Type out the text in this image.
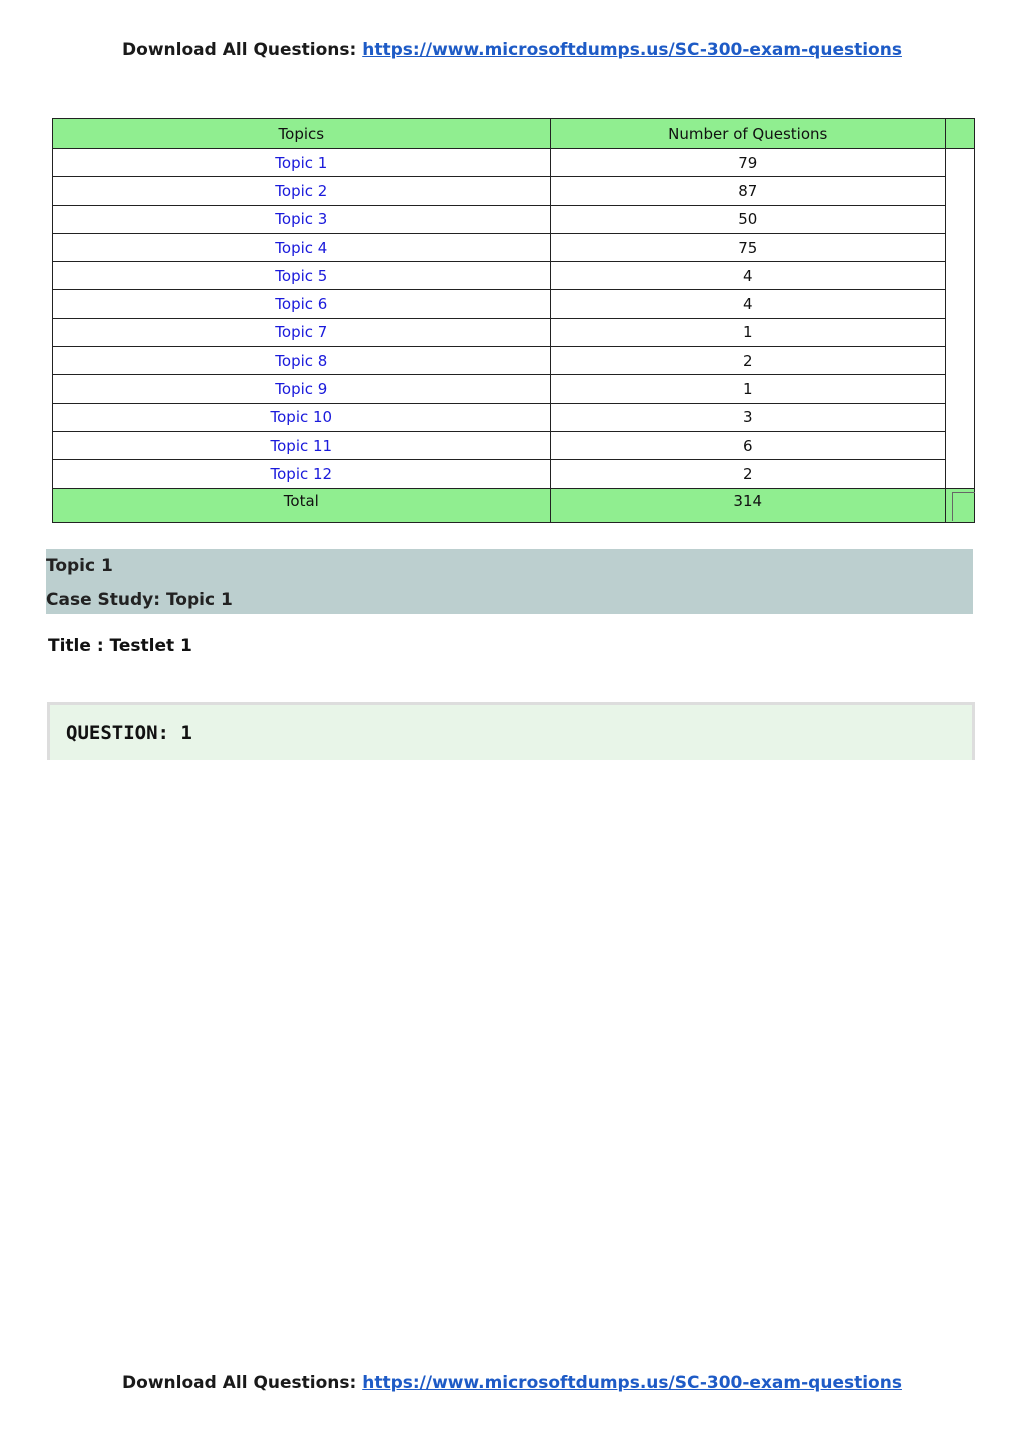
Download All Questions: https://www.microsoftdumps.us/SC-300-exam-questions
Topics	Number of Questions	
Topic 1	79	
Topic 2	87	
Topic 3	50	
Topic 4	75	
Topic 5	4	
Topic 6	4	
Topic 7	1	
Topic 8	2	
Topic 9	1	
Topic 10	3	
Topic 11	6	
Topic 12	2	
Total	314	
Topic 1
Case Study: Topic 1
Title : Testlet 1
QUESTION: 1
Download All Questions: https://www.microsoftdumps.us/SC-300-exam-questions
